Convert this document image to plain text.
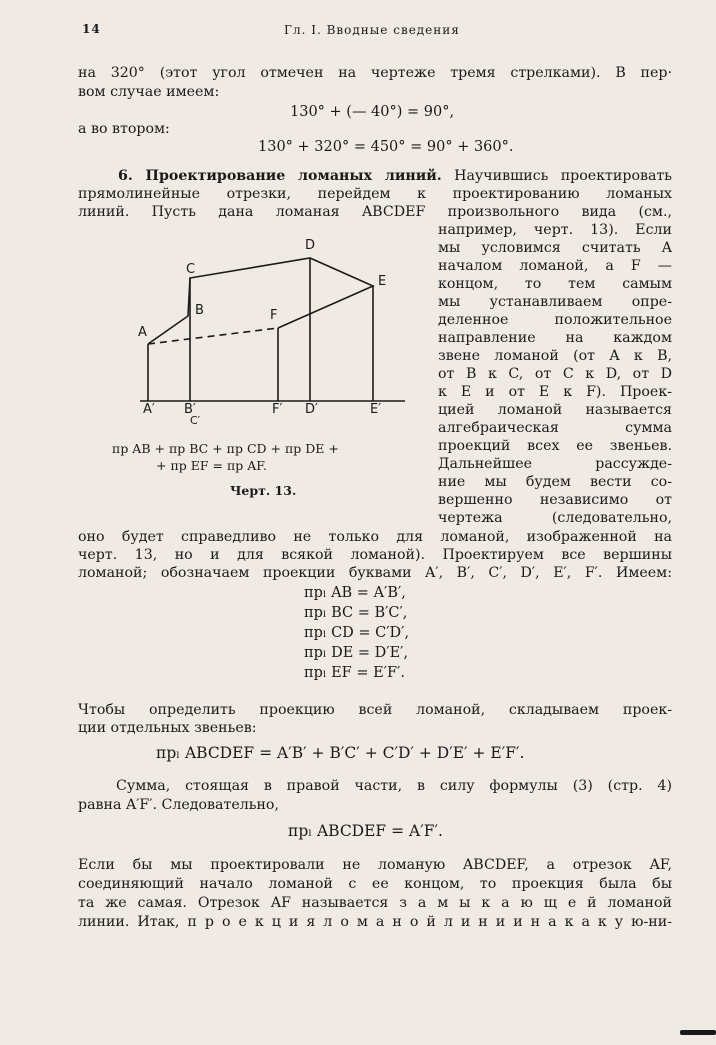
14	Гл. I. Вводные сведения
на 320° (этот угол отмечен на чертеже тремя стрелками). В пер·
вом случае имеем:
130° + (— 40°) = 90°,
а во втором:
130° + 320° = 450° = 90° + 360°.
6. Проектирование ломаных линий. Научившись проектировать
прямолинейные отрезки, перейдем к проектированию ломаных
линий. Пусть дана ломаная ABCDEF произвольного вида (см.,
например, черт. 13). Если
мы условимся считать A
началом ломаной, а F —
концом, то тем самым
мы устанавливаем опре-
деленное положительное
направление на каждом
звене ломаной (от A к B,
от B к C, от C к D, от D
к E и от E к F). Проек-
цией ломаной называется
алгебраическая сумма
проекций всех ее звеньев.
Дальнейшее рассужде-
ние мы будем вести со-
вершенно независимо от
чертежа (следовательно,
A
B
C
D
E
F
A′ B′	F′ D′	E′
C′
пр AB + пр BC + пр CD + пр DE +
+ пр EF = пр AF.
Черт. 13.
оно будет справедливо не только для ломаной, изображенной на
черт. 13, но и для всякой ломаной). Проектируем все вершины
ломаной; обозначаем проекции буквами A′, B′, C′, D′, E′, F′. Имеем:
прₗ AB = A′B′,
прₗ BC = B′C′,
прₗ CD = C′D′,
прₗ DE = D′E′,
прₗ EF = E′F′.
Чтобы определить проекцию всей ломаной, складываем проек-
ции отдельных звеньев:
прₗ ABCDEF = A′B′ + B′C′ + C′D′ + D′E′ + E′F′.
Сумма, стоящая в правой части, в силу формулы (3) (стр. 4)
равна A′F′. Следовательно,
прₗ ABCDEF = A′F′.
Если бы мы проектировали не ломаную ABCDEF, а отрезок AF,
соединяющий начало ломаной с ее концом, то проекция была бы
та же самая. Отрезок AF называется з а м ы к а ю щ е й ломаной
линии. Итак, п р о е к ц и я л о м а н о й л и н и и н а к а к у ю-ни-
